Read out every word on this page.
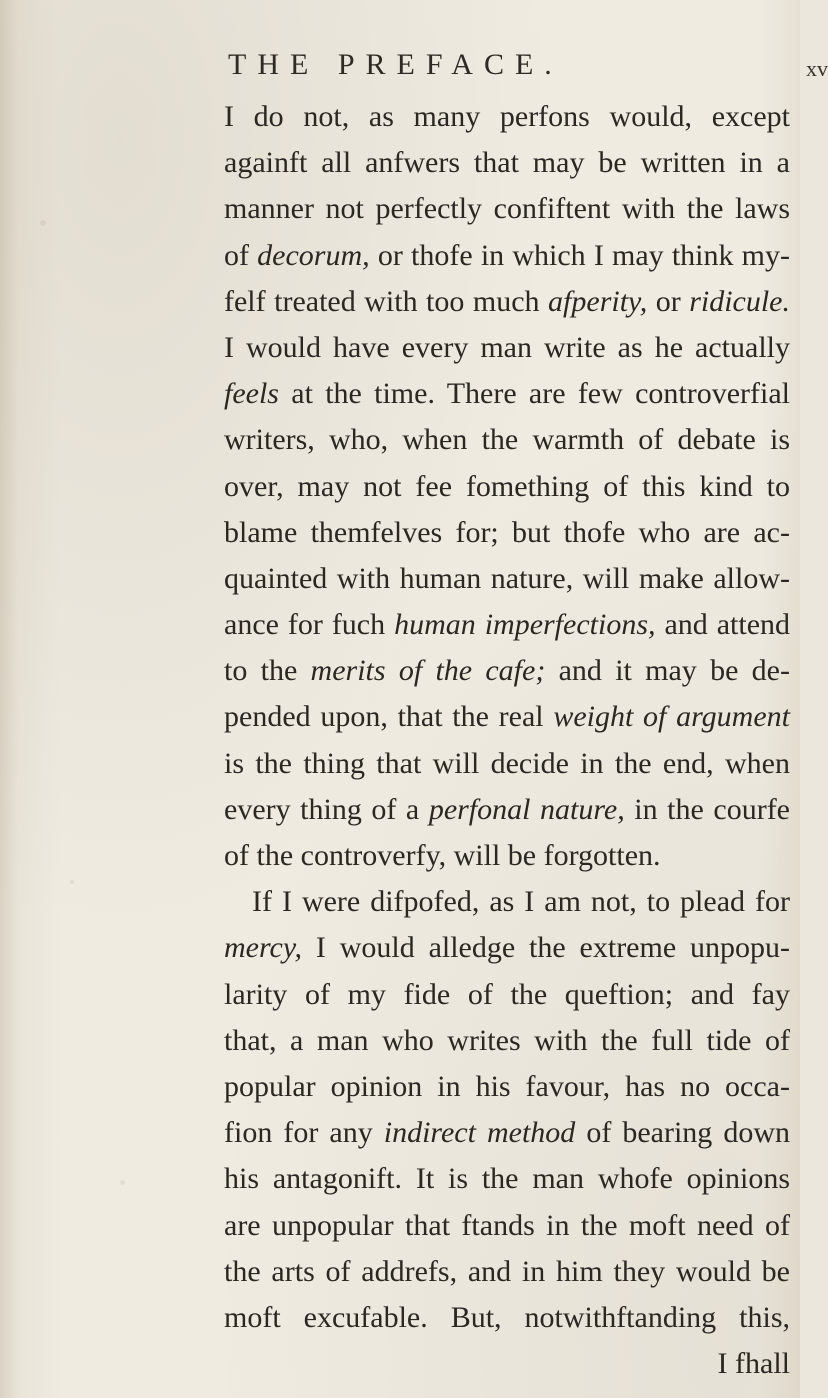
THE PREFACE.	xv
I do not, as many perfons would, except
againft all anfwers that may be written in a
manner not perfectly confiftent with the laws
of decorum, or thofe in which I may think my-
felf treated with too much afperity, or ridicule.
I would have every man write as he actually
feels at the time. There are few controverfial
writers, who, when the warmth of debate is
over, may not fee fomething of this kind to
blame themfelves for; but thofe who are ac-
quainted with human nature, will make allow-
ance for fuch human imperfections, and attend
to the merits of the cafe; and it may be de-
pended upon, that the real weight of argument
is the thing that will decide in the end, when
every thing of a perfonal nature, in the courfe
of the controverfy, will be forgotten.
If I were difpofed, as I am not, to plead for
mercy, I would alledge the extreme unpopu-
larity of my fide of the queftion; and fay
that, a man who writes with the full tide of
popular opinion in his favour, has no occa-
fion for any indirect method of bearing down
his antagonift. It is the man whofe opinions
are unpopular that ftands in the moft need of
the arts of addrefs, and in him they would be
moft excufable. But, notwithftanding this,
I fhall
